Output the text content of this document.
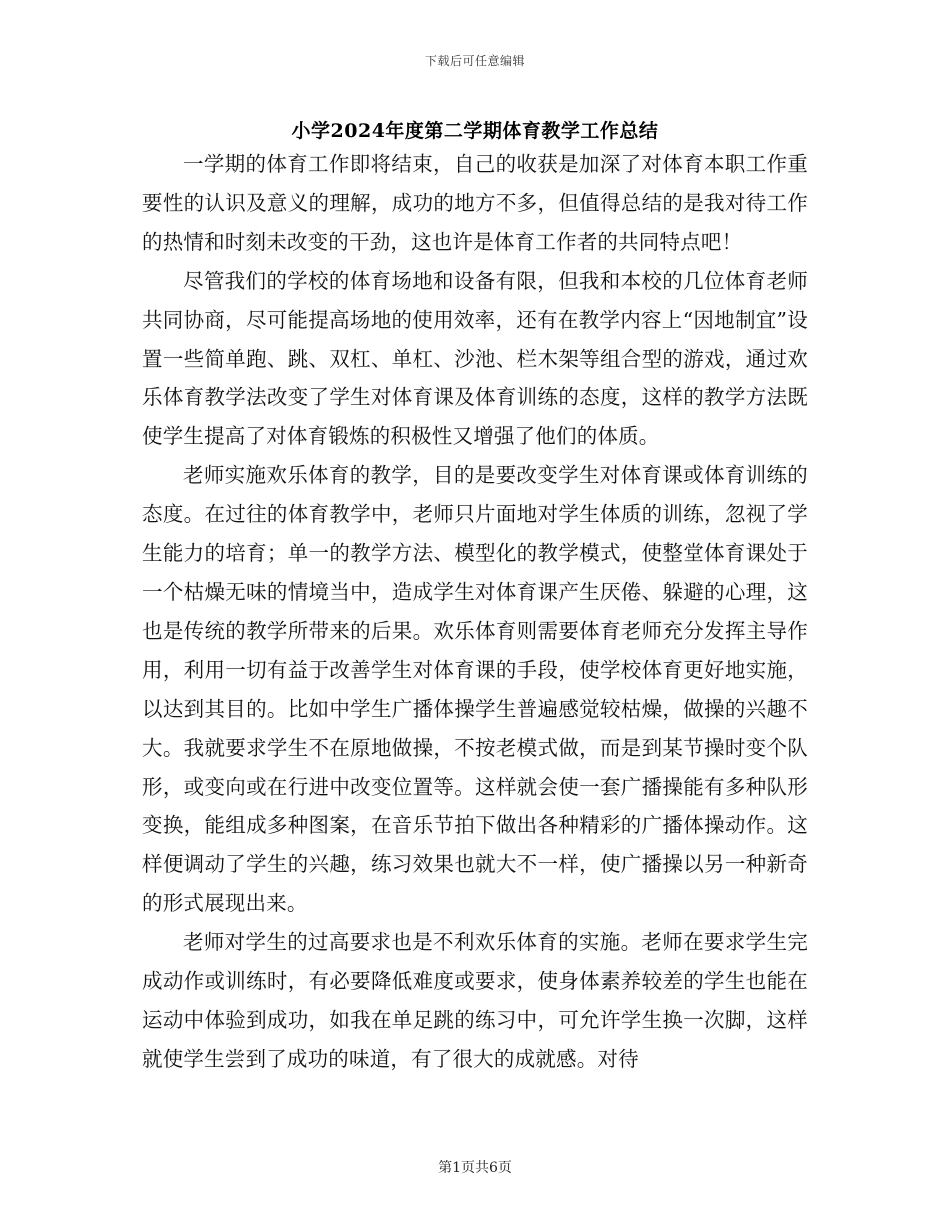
下载后可任意编辑
小学2024年度第二学期体育教学工作总结

一学期的体育工作即将结束，自己的收获是加深了对体育本职工作重要性的认识及意义的理解，成功的地方不多，但值得总结的是我对待工作的热情和时刻未改变的干劲，这也许是体育工作者的共同特点吧！

尽管我们的学校的体育场地和设备有限，但我和本校的几位体育老师共同协商，尽可能提高场地的使用效率，还有在教学内容上“因地制宜”设置一些简单跑、跳、双杠、单杠、沙池、栏木架等组合型的游戏，通过欢乐体育教学法改变了学生对体育课及体育训练的态度，这样的教学方法既使学生提高了对体育锻炼的积极性又增强了他们的体质。

老师实施欢乐体育的教学，目的是要改变学生对体育课或体育训练的态度。在过往的体育教学中，老师只片面地对学生体质的训练，忽视了学生能力的培育；单一的教学方法、模型化的教学模式，使整堂体育课处于一个枯燥无味的情境当中，造成学生对体育课产生厌倦、躲避的心理，这也是传统的教学所带来的后果。欢乐体育则需要体育老师充分发挥主导作用，利用一切有益于改善学生对体育课的手段，使学校体育更好地实施，以达到其目的。比如中学生广播体操学生普遍感觉较枯燥，做操的兴趣不大。我就要求学生不在原地做操，不按老模式做，而是到某节操时变个队形，或变向或在行进中改变位置等。这样就会使一套广播操能有多种队形变换，能组成多种图案，在音乐节拍下做出各种精彩的广播体操动作。这样便调动了学生的兴趣，练习效果也就大不一样，使广播操以另一种新奇的形式展现出来。

老师对学生的过高要求也是不利欢乐体育的实施。老师在要求学生完成动作或训练时，有必要降低难度或要求，使身体素养较差的学生也能在运动中体验到成功，如我在单足跳的练习中，可允许学生换一次脚，这样就使学生尝到了成功的味道，有了很大的成就感。对待

第1页共6页
